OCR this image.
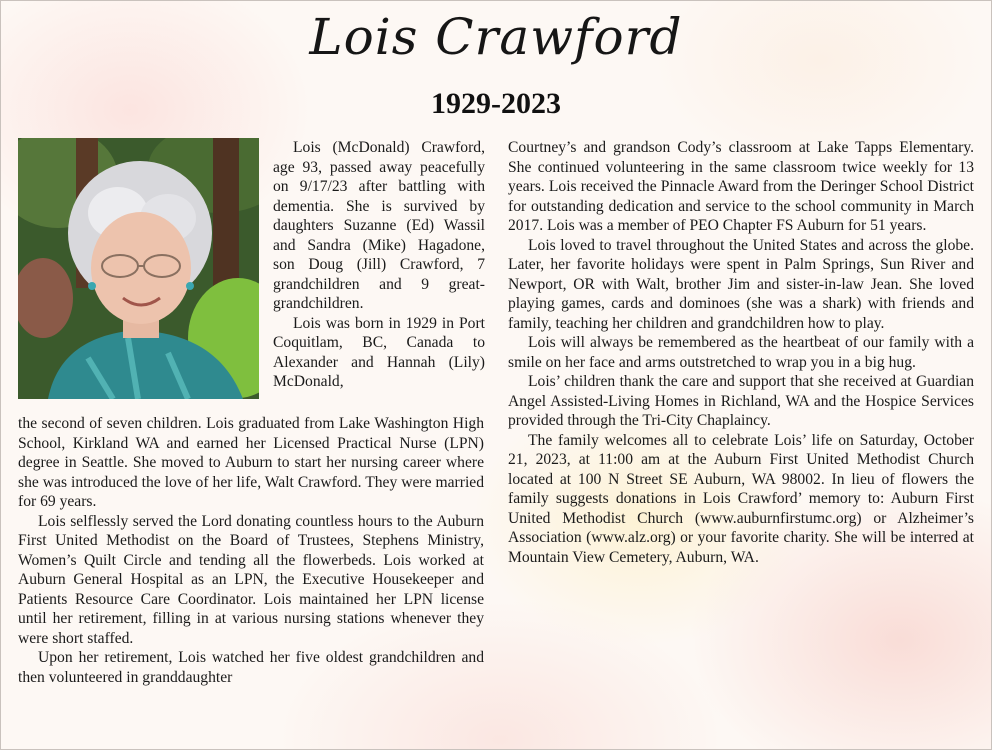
Lois Crawford
1929-2023

Lois (McDonald) Crawford, age 93, passed away peacefully on 9/17/23 after battling with dementia. She is survived by daughters Suzanne (Ed) Wassil and Sandra (Mike) Hagadone, son Doug (Jill) Crawford, 7 grandchildren and 9 great-grandchildren.

Lois was born in 1929 in Port Coquitlam, BC, Canada to Alexander and Hannah (Lily) McDonald,

the second of seven children. Lois graduated from Lake Washington High School, Kirkland WA and earned her Licensed Practical Nurse (LPN) degree in Seattle. She moved to Auburn to start her nursing career where she was introduced the love of her life, Walt Crawford. They were married for 69 years.

Lois selflessly served the Lord donating countless hours to the Auburn First United Methodist on the Board of Trustees, Stephens Ministry, Women’s Quilt Circle and tending all the flowerbeds. Lois worked at Auburn General Hospital as an LPN, the Executive Housekeeper and Patients Resource Care Coordinator. Lois maintained her LPN license until her retirement, filling in at various nursing stations whenever they were short staffed.

Upon her retirement, Lois watched her five oldest grandchildren and then volunteered in granddaughter

Courtney’s and grandson Cody’s classroom at Lake Tapps Elementary. She continued volunteering in the same classroom twice weekly for 13 years. Lois received the Pinnacle Award from the Deringer School District for outstanding dedication and service to the school community in March 2017. Lois was a member of PEO Chapter FS Auburn for 51 years.

Lois loved to travel throughout the United States and across the globe. Later, her favorite holidays were spent in Palm Springs, Sun River and Newport, OR with Walt, brother Jim and sister-in-law Jean. She loved playing games, cards and dominoes (she was a shark) with friends and family, teaching her children and grandchildren how to play.

Lois will always be remembered as the heartbeat of our family with a smile on her face and arms outstretched to wrap you in a big hug.

Lois’ children thank the care and support that she received at Guardian Angel Assisted-Living Homes in Richland, WA and the Hospice Services provided through the Tri-City Chaplaincy.

The family welcomes all to celebrate Lois’ life on Saturday, October 21, 2023, at 11:00 am at the Auburn First United Methodist Church located at 100 N Street SE Auburn, WA 98002. In lieu of flowers the family suggests donations in Lois Crawford’ memory to: Auburn First United Methodist Church (www.auburnfirstumc.org) or Alzheimer’s Association (www.alz.org) or your favorite charity. She will be interred at Mountain View Cemetery, Auburn, WA.
